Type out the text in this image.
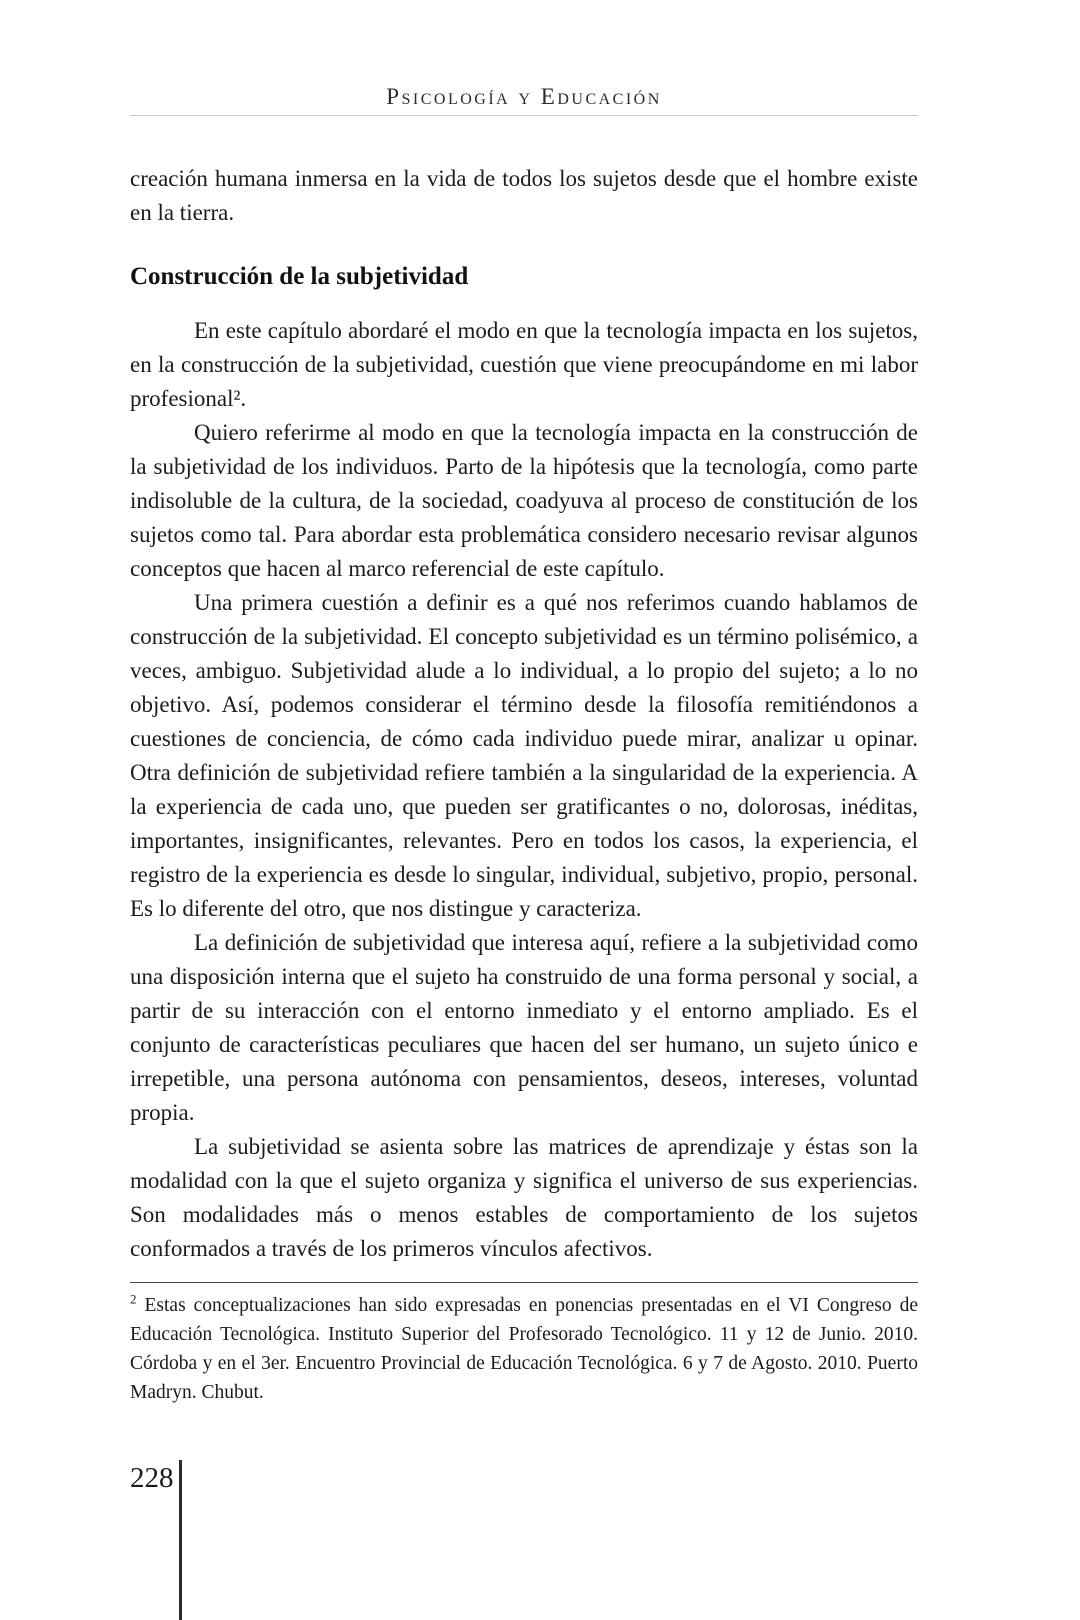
Psicología y Educación

creación humana inmersa en la vida de todos los sujetos desde que el hombre existe en la tierra.

Construcción de la subjetividad

En este capítulo abordaré el modo en que la tecnología impacta en los sujetos, en la construcción de la subjetividad, cuestión que viene preocupándome en mi labor profesional².

Quiero referirme al modo en que la tecnología impacta en la construcción de la subjetividad de los individuos. Parto de la hipótesis que la tecnología, como parte indisoluble de la cultura, de la sociedad, coadyuva al proceso de constitución de los sujetos como tal. Para abordar esta problemática considero necesario revisar algunos conceptos que hacen al marco referencial de este capítulo.

Una primera cuestión a definir es a qué nos referimos cuando hablamos de construcción de la subjetividad. El concepto subjetividad es un término polisémico, a veces, ambiguo. Subjetividad alude a lo individual, a lo propio del sujeto; a lo no objetivo. Así, podemos considerar el término desde la filosofía remitiéndonos a cuestiones de conciencia, de cómo cada individuo puede mirar, analizar u opinar. Otra definición de subjetividad refiere también a la singularidad de la experiencia. A la experiencia de cada uno, que pueden ser gratificantes o no, dolorosas, inéditas, importantes, insignificantes, relevantes. Pero en todos los casos, la experiencia, el registro de la experiencia es desde lo singular, individual, subjetivo, propio, personal. Es lo diferente del otro, que nos distingue y caracteriza.

La definición de subjetividad que interesa aquí, refiere a la subjetividad como una disposición interna que el sujeto ha construido de una forma personal y social, a partir de su interacción con el entorno inmediato y el entorno ampliado. Es el conjunto de características peculiares que hacen del ser humano, un sujeto único e irrepetible, una persona autónoma con pensamientos, deseos, intereses, voluntad propia.

La subjetividad se asienta sobre las matrices de aprendizaje y éstas son la modalidad con la que el sujeto organiza y significa el universo de sus experiencias. Son modalidades más o menos estables de comportamiento de los sujetos conformados a través de los primeros vínculos afectivos.

$^2$ Estas conceptualizaciones han sido expresadas en ponencias presentadas en el VI Congreso de Educación Tecnológica. Instituto Superior del Profesorado Tecnológico. 11 y 12 de Junio. 2010. Córdoba y en el 3er. Encuentro Provincial de Educación Tecnológica. 6 y 7 de Agosto. 2010. Puerto Madryn. Chubut.

228
